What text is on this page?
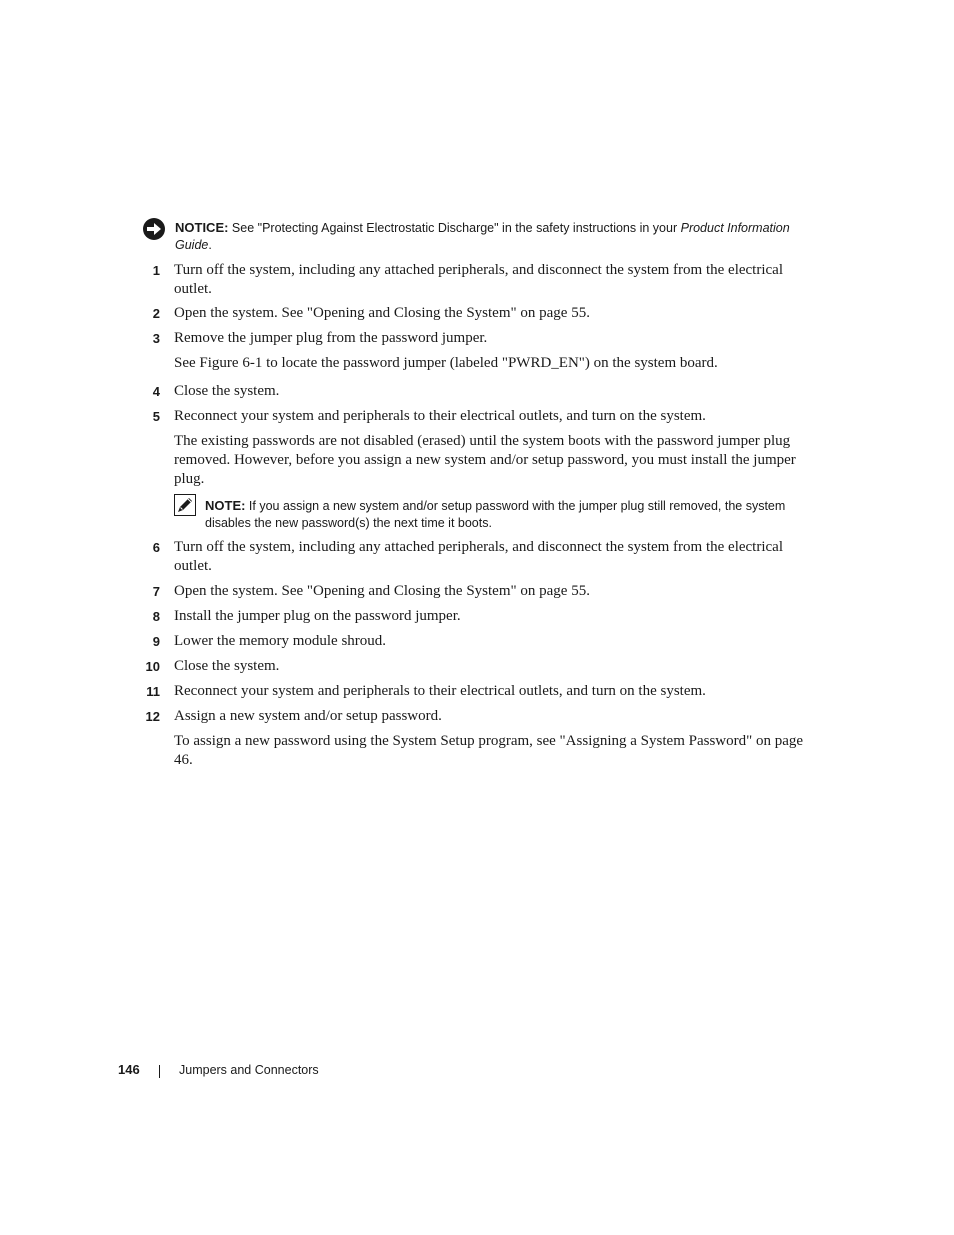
NOTICE: See "Protecting Against Electrostatic Discharge" in the safety instructions in your Product Information Guide.
1 Turn off the system, including any attached peripherals, and disconnect the system from the electrical outlet.
2 Open the system. See "Opening and Closing the System" on page 55.
3 Remove the jumper plug from the password jumper.
See Figure 6-1 to locate the password jumper (labeled "PWRD_EN") on the system board.
4 Close the system.
5 Reconnect your system and peripherals to their electrical outlets, and turn on the system.
The existing passwords are not disabled (erased) until the system boots with the password jumper plug removed. However, before you assign a new system and/or setup password, you must install the jumper plug.
NOTE: If you assign a new system and/or setup password with the jumper plug still removed, the system disables the new password(s) the next time it boots.
6 Turn off the system, including any attached peripherals, and disconnect the system from the electrical outlet.
7 Open the system. See "Opening and Closing the System" on page 55.
8 Install the jumper plug on the password jumper.
9 Lower the memory module shroud.
10 Close the system.
11 Reconnect your system and peripherals to their electrical outlets, and turn on the system.
12 Assign a new system and/or setup password.
To assign a new password using the System Setup program, see "Assigning a System Password" on page 46.
146	Jumpers and Connectors
